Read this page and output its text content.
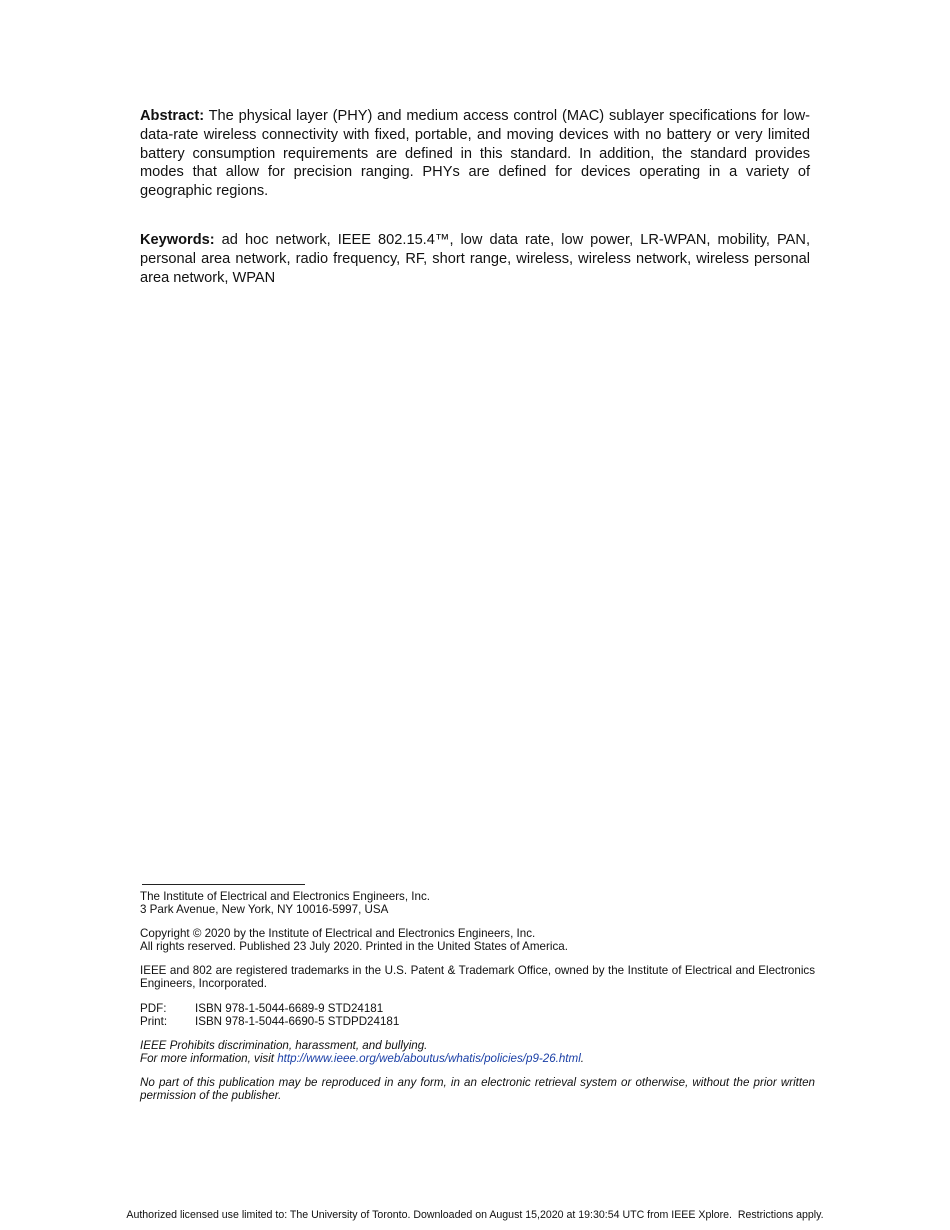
Abstract: The physical layer (PHY) and medium access control (MAC) sublayer specifications for low-data-rate wireless connectivity with fixed, portable, and moving devices with no battery or very limited battery consumption requirements are defined in this standard. In addition, the standard provides modes that allow for precision ranging. PHYs are defined for devices operating in a variety of geographic regions.

Keywords: ad hoc network, IEEE 802.15.4™, low data rate, low power, LR-WPAN, mobility, PAN, personal area network, radio frequency, RF, short range, wireless, wireless network, wireless personal area network, WPAN

The Institute of Electrical and Electronics Engineers, Inc.
3 Park Avenue, New York, NY 10016-5997, USA

Copyright © 2020 by the Institute of Electrical and Electronics Engineers, Inc.
All rights reserved. Published 23 July 2020. Printed in the United States of America.

IEEE and 802 are registered trademarks in the U.S. Patent & Trademark Office, owned by the Institute of Electrical and Electronics Engineers, Incorporated.

PDF: ISBN 978-1-5044-6689-9 STD24181
Print: ISBN 978-1-5044-6690-5 STDPD24181

IEEE Prohibits discrimination, harassment, and bullying.
For more information, visit http://www.ieee.org/web/aboutus/whatis/policies/p9-26.html.

No part of this publication may be reproduced in any form, in an electronic retrieval system or otherwise, without the prior written permission of the publisher.

Authorized licensed use limited to: The University of Toronto. Downloaded on August 15,2020 at 19:30:54 UTC from IEEE Xplore.  Restrictions apply.
